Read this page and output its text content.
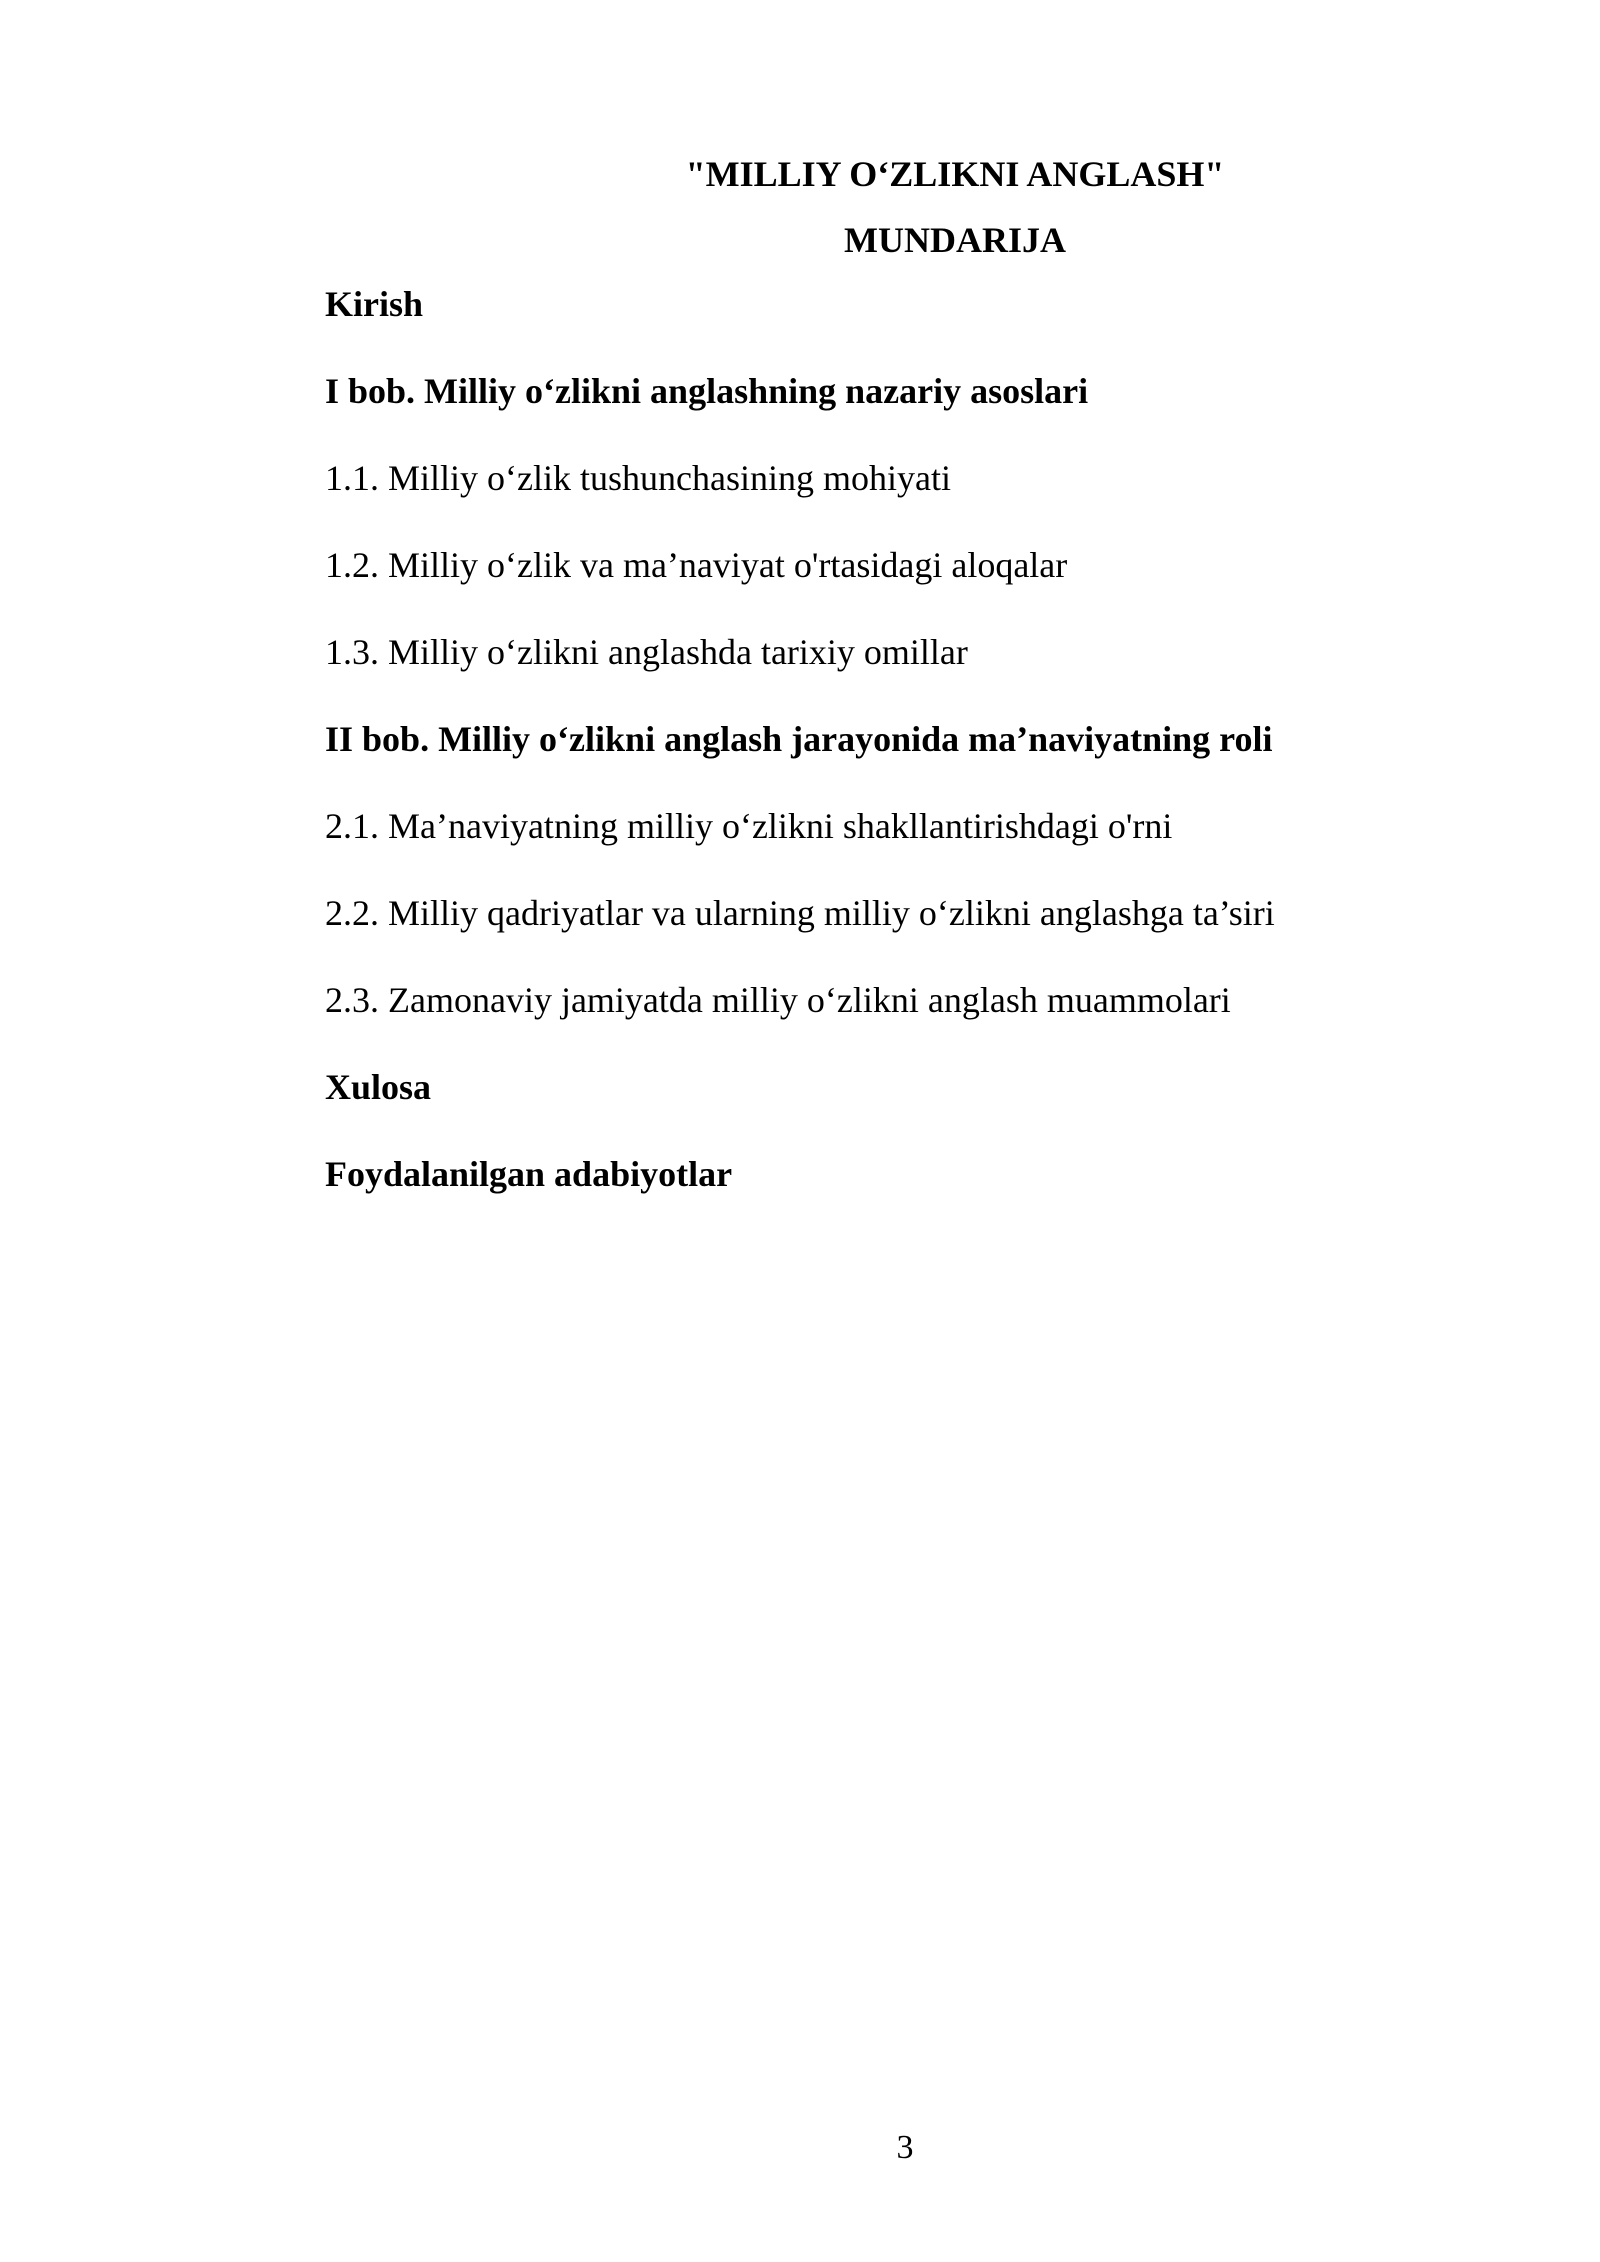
"MILLIY O‘ZLIKNI ANGLASH"
MUNDARIJA
Kirish
I bob. Milliy o‘zlikni anglashning nazariy asoslari
1.1. Milliy o‘zlik tushunchasining mohiyati
1.2. Milliy o‘zlik va ma’naviyat o'rtasidagi aloqalar
1.3. Milliy o‘zlikni anglashda tarixiy omillar
II bob. Milliy o‘zlikni anglash jarayonida ma’naviyatning roli
2.1. Ma’naviyatning milliy o‘zlikni shakllantirishdagi o'rni
2.2. Milliy qadriyatlar va ularning milliy o‘zlikni anglashga ta’siri
2.3. Zamonaviy jamiyatda milliy o‘zlikni anglash muammolari
Xulosa
Foydalanilgan adabiyotlar
3
